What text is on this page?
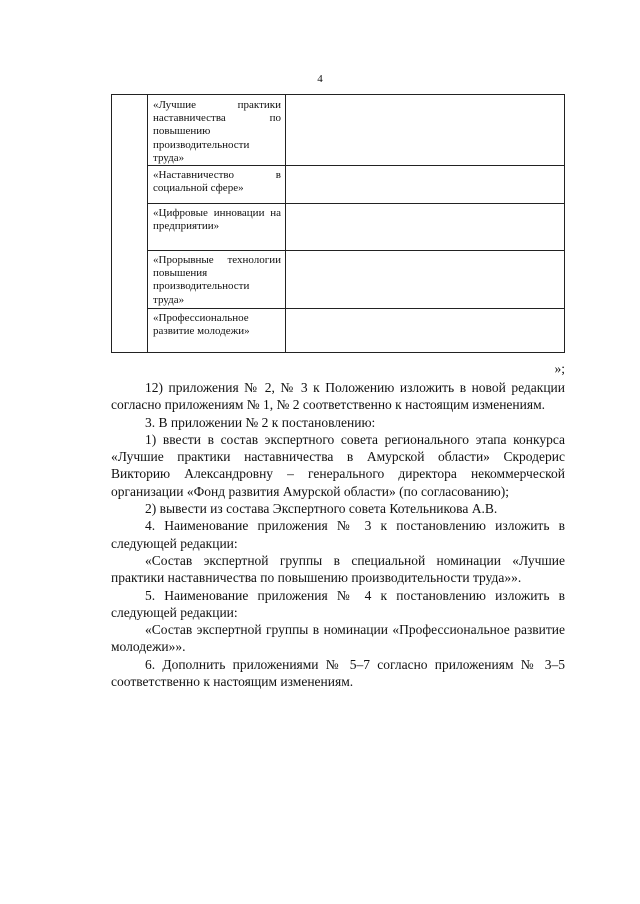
4
«Лучшие практики наставничества по повышению производительности труда»
«Наставничество в социальной сфере»
«Цифровые инновации на предприятии»
«Прорывные технологии повышения производительности труда»
«Профессиональное развитие молодежи»
»;

12) приложения № 2, № 3 к Положению изложить в новой редакции согласно приложениям № 1, № 2 соответственно к настоящим изменениям.

3. В приложении № 2 к постановлению:

1) ввести в состав экспертного совета регионального этапа конкурса «Лучшие практики наставничества в Амурской области» Скродерис Викторию Александровну – генерального директора некоммерческой организации «Фонд развития Амурской области» (по согласованию);

2) вывести из состава Экспертного совета Котельникова А.В.

4. Наименование приложения № 3 к постановлению изложить в следующей редакции:

«Состав экспертной группы в специальной номинации «Лучшие практики наставничества по повышению производительности труда»».

5. Наименование приложения № 4 к постановлению изложить в следующей редакции:

«Состав экспертной группы в номинации «Профессиональное развитие молодежи»».

6. Дополнить приложениями № 5–7 согласно приложениям № 3–5 соответственно к настоящим изменениям.
